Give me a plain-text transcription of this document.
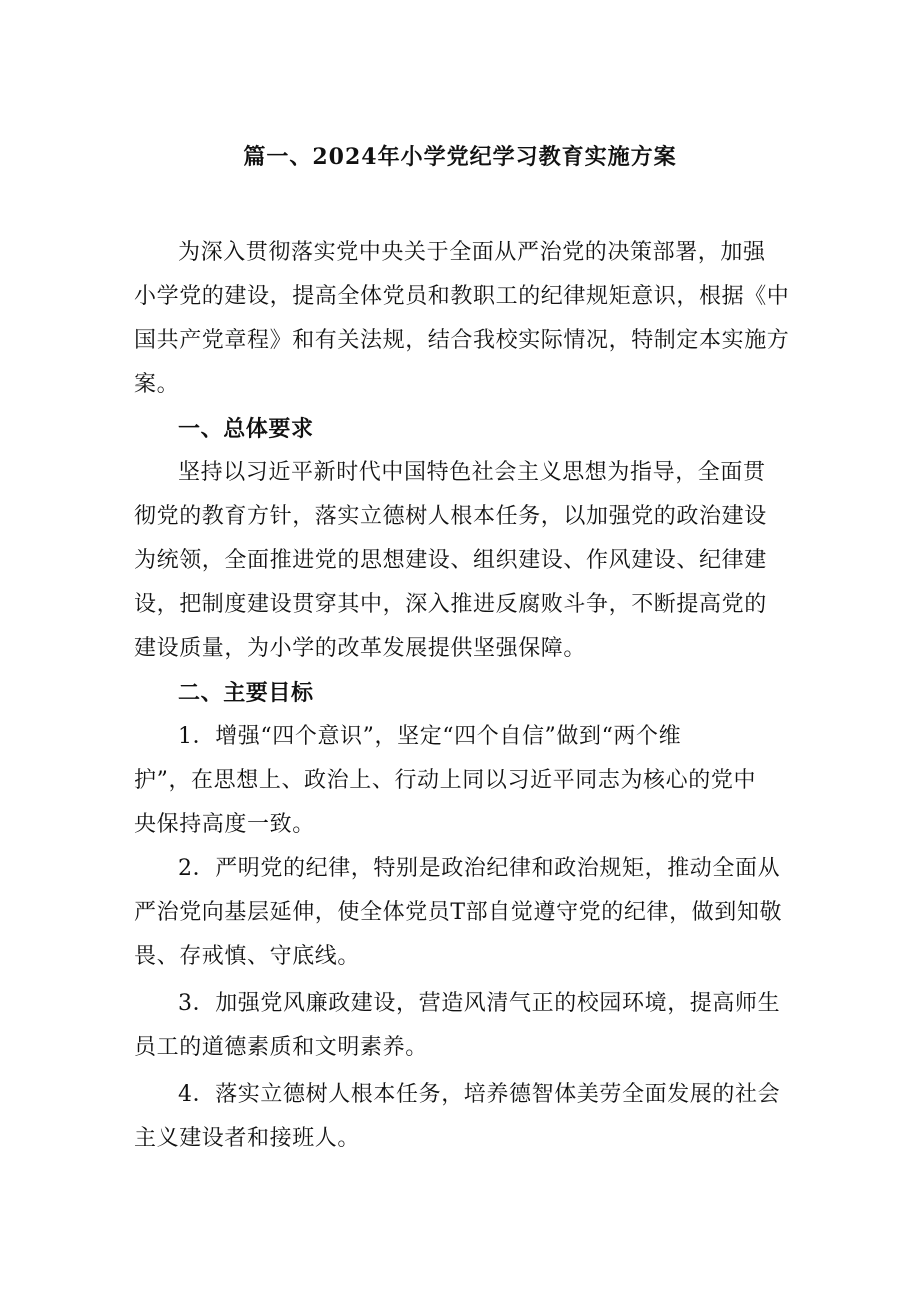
篇一、2024年小学党纪学习教育实施方案
为深入贯彻落实党中央关于全面从严治党的决策部署，加强
小学党的建设，提高全体党员和教职工的纪律规矩意识，根据《中
国共产党章程》和有关法规，结合我校实际情况，特制定本实施方
案。
一、总体要求
坚持以习近平新时代中国特色社会主义思想为指导，全面贯
彻党的教育方针，落实立德树人根本任务，以加强党的政治建设
为统领，全面推进党的思想建设、组织建设、作风建设、纪律建
设，把制度建设贯穿其中，深入推进反腐败斗争，不断提高党的
建设质量，为小学的改革发展提供坚强保障。
二、主要目标
1．增强“四个意识”，坚定“四个自信”做到“两个维
护”，在思想上、政治上、行动上同以习近平同志为核心的党中
央保持高度一致。
2．严明党的纪律，特别是政治纪律和政治规矩，推动全面从
严治党向基层延伸，使全体党员T部自觉遵守党的纪律，做到知敬
畏、存戒慎、守底线。
3．加强党风廉政建设，营造风清气正的校园环境，提高师生
员工的道德素质和文明素养。
4．落实立德树人根本任务，培养德智体美劳全面发展的社会
主义建设者和接班人。
